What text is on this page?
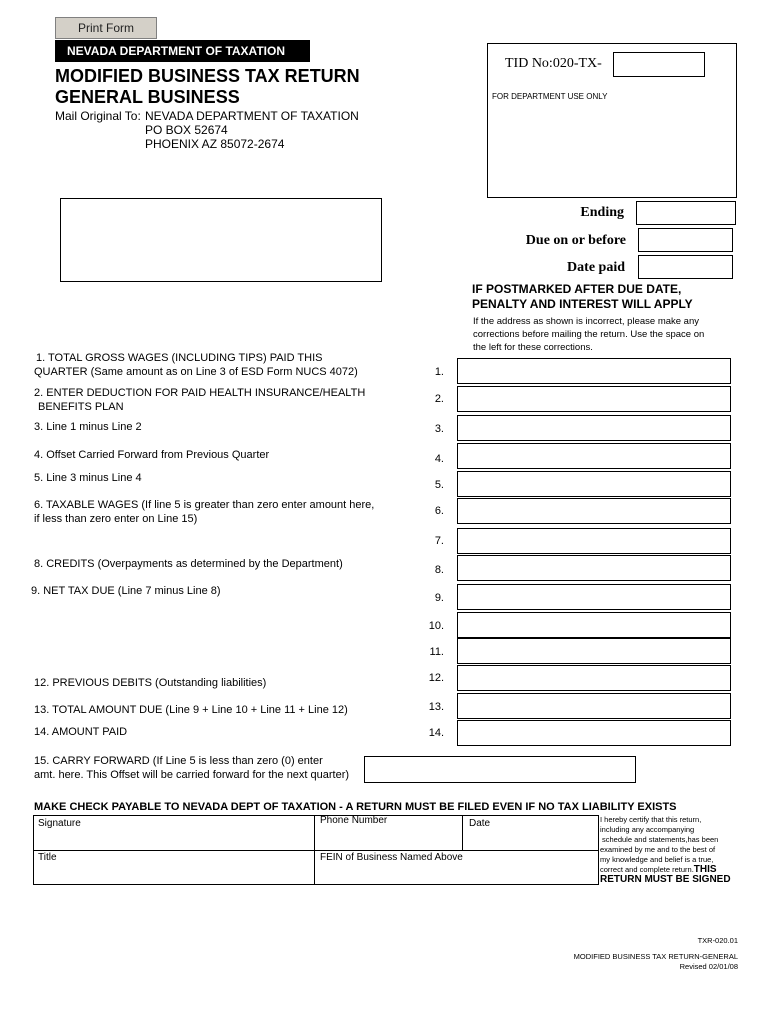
Print Form
NEVADA DEPARTMENT OF TAXATION
MODIFIED BUSINESS TAX RETURN
GENERAL BUSINESS
Mail Original To: NEVADA DEPARTMENT OF TAXATION
PO BOX 52674
PHOENIX AZ 85072-2674
TID No:020-TX-
FOR DEPARTMENT USE ONLY
Ending
Due on or before
Date paid
IF POSTMARKED AFTER DUE DATE,
PENALTY AND INTEREST WILL APPLY
If the address as shown is incorrect, please make any
corrections before mailing the return. Use the space on
the left for these corrections.
1. TOTAL GROSS WAGES (INCLUDING TIPS) PAID THIS
QUARTER (Same amount as on Line 3 of ESD Form NUCS 4072)	1.
2. ENTER DEDUCTION FOR PAID HEALTH INSURANCE/HEALTH
BENEFITS PLAN
2.
3. Line 1 minus Line 2	3.
4. Offset Carried Forward from Previous Quarter	4.
5. Line 3 minus Line 4
5.
6. TAXABLE WAGES (If line 5 is greater than zero enter amount here,
if less than zero enter on Line 15)
6.
7.
8. CREDITS (Overpayments as determined by the Department)	8.
9. NET TAX DUE (Line 7 minus Line 8)
9.
10.
11.
12. PREVIOUS DEBITS (Outstanding liabilities)	12.
13. TOTAL AMOUNT DUE (Line 9 + Line 10 + Line 11 + Line 12)	13.
14. AMOUNT PAID	14.
15. CARRY FORWARD (If Line 5 is less than zero (0) enter
amt. here. This Offset will be carried forward for the next quarter)
MAKE CHECK PAYABLE TO NEVADA DEPT OF TAXATION - A RETURN MUST BE FILED EVEN IF NO TAX LIABILITY EXISTS
Signature	Phone Number	Date
Title	FEIN of Business Named Above
I hereby certify that this return,
including any accompanying
schedule and statements,has been
examined by me and to the best of
my knowledge and belief is a true,
correct and complete return.THIS
RETURN MUST BE SIGNED
TXR-020.01
MODIFIED BUSINESS TAX RETURN-GENERAL
Revised 02/01/08
